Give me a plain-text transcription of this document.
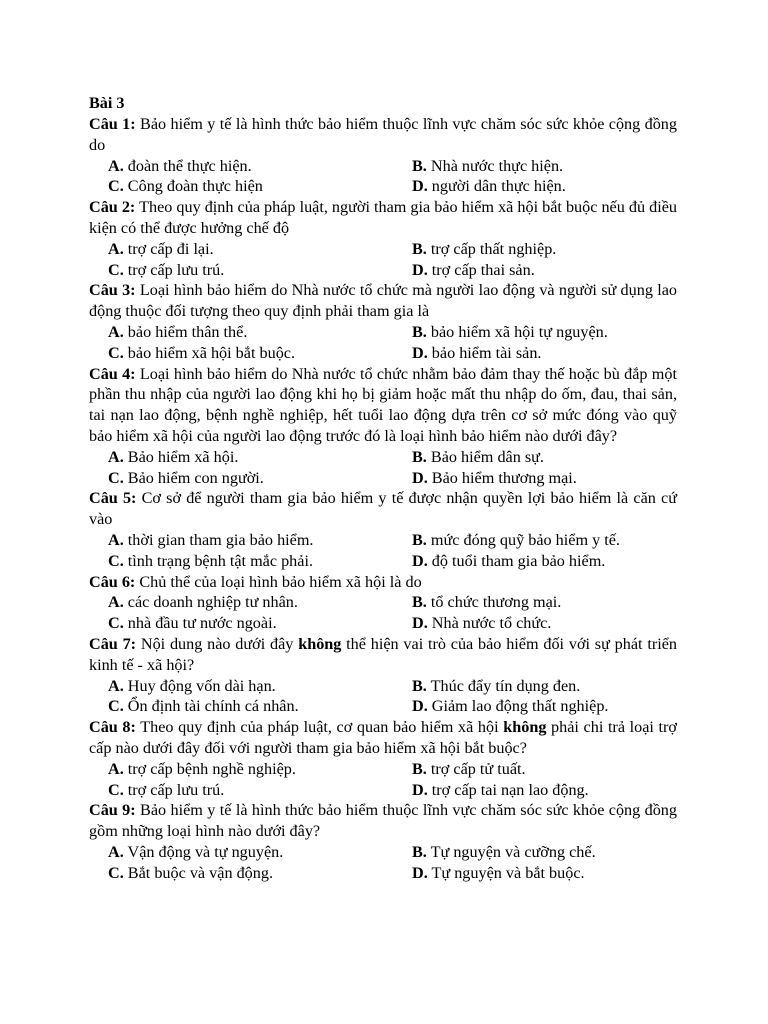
Bài 3
Câu 1: Bảo hiểm y tế là hình thức bảo hiểm thuộc lĩnh vực chăm sóc sức khỏe cộng đồng do
A. đoàn thể thực hiện.	B. Nhà nước thực hiện.
C. Công đoàn thực hiện	D. người dân thực hiện.
Câu 2: Theo quy định của pháp luật, người tham gia bảo hiểm xã hội bắt buộc nếu đủ điều kiện có thể được hưởng chế độ
A. trợ cấp đi lại.	B. trợ cấp thất nghiệp.
C. trợ cấp lưu trú.	D. trợ cấp thai sản.
Câu 3: Loại hình bảo hiểm do Nhà nước tổ chức mà người lao động và người sử dụng lao động thuộc đối tượng theo quy định phải tham gia là
A. bảo hiểm thân thể.	B. bảo hiểm xã hội tự nguyện.
C. bảo hiểm xã hội bắt buộc.	D. bảo hiểm tài sản.
Câu 4: Loại hình bảo hiểm do Nhà nước tổ chức nhằm bảo đảm thay thế hoặc bù đắp một phần thu nhập của người lao động khi họ bị giảm hoặc mất thu nhập do ốm, đau, thai sản, tai nạn lao động, bệnh nghề nghiệp, hết tuổi lao động dựa trên cơ sở mức đóng vào quỹ bảo hiểm xã hội của người lao động trước đó là loại hình bảo hiểm nào dưới đây?
A. Bảo hiểm xã hội.	B. Bảo hiểm dân sự.
C. Bảo hiểm con người.	D. Bảo hiểm thương mại.
Câu 5: Cơ sở để người tham gia bảo hiểm y tế được nhận quyền lợi bảo hiểm là căn cứ vào
A. thời gian tham gia bảo hiểm.	B. mức đóng quỹ bảo hiểm y tế.
C. tình trạng bệnh tật mắc phải.	D. độ tuổi tham gia bảo hiểm.
Câu 6: Chủ thể của loại hình bảo hiểm xã hội là do
A. các doanh nghiệp tư nhân.	B. tổ chức thương mại.
C. nhà đầu tư nước ngoài.	D. Nhà nước tổ chức.
Câu 7: Nội dung nào dưới đây không thể hiện vai trò của bảo hiểm đối với sự phát triển kinh tế - xã hội?
A. Huy động vốn dài hạn.	B. Thúc đẩy tín dụng đen.
C. Ổn định tài chính cá nhân.	D. Giảm lao động thất nghiệp.
Câu 8: Theo quy định của pháp luật, cơ quan bảo hiểm xã hội không phải chi trả loại trợ cấp nào dưới đây đối với người tham gia bảo hiểm xã hội bắt buộc?
A. trợ cấp bệnh nghề nghiệp.	B. trợ cấp tử tuất.
C. trợ cấp lưu trú.	D. trợ cấp tai nạn lao động.
Câu 9: Bảo hiểm y tế là hình thức bảo hiểm thuộc lĩnh vực chăm sóc sức khỏe cộng đồng gồm những loại hình nào dưới đây?
A. Vận động và tự nguyện.	B. Tự nguyện và cưỡng chế.
C. Bắt buộc và vận động.	D. Tự nguyện và bắt buộc.
